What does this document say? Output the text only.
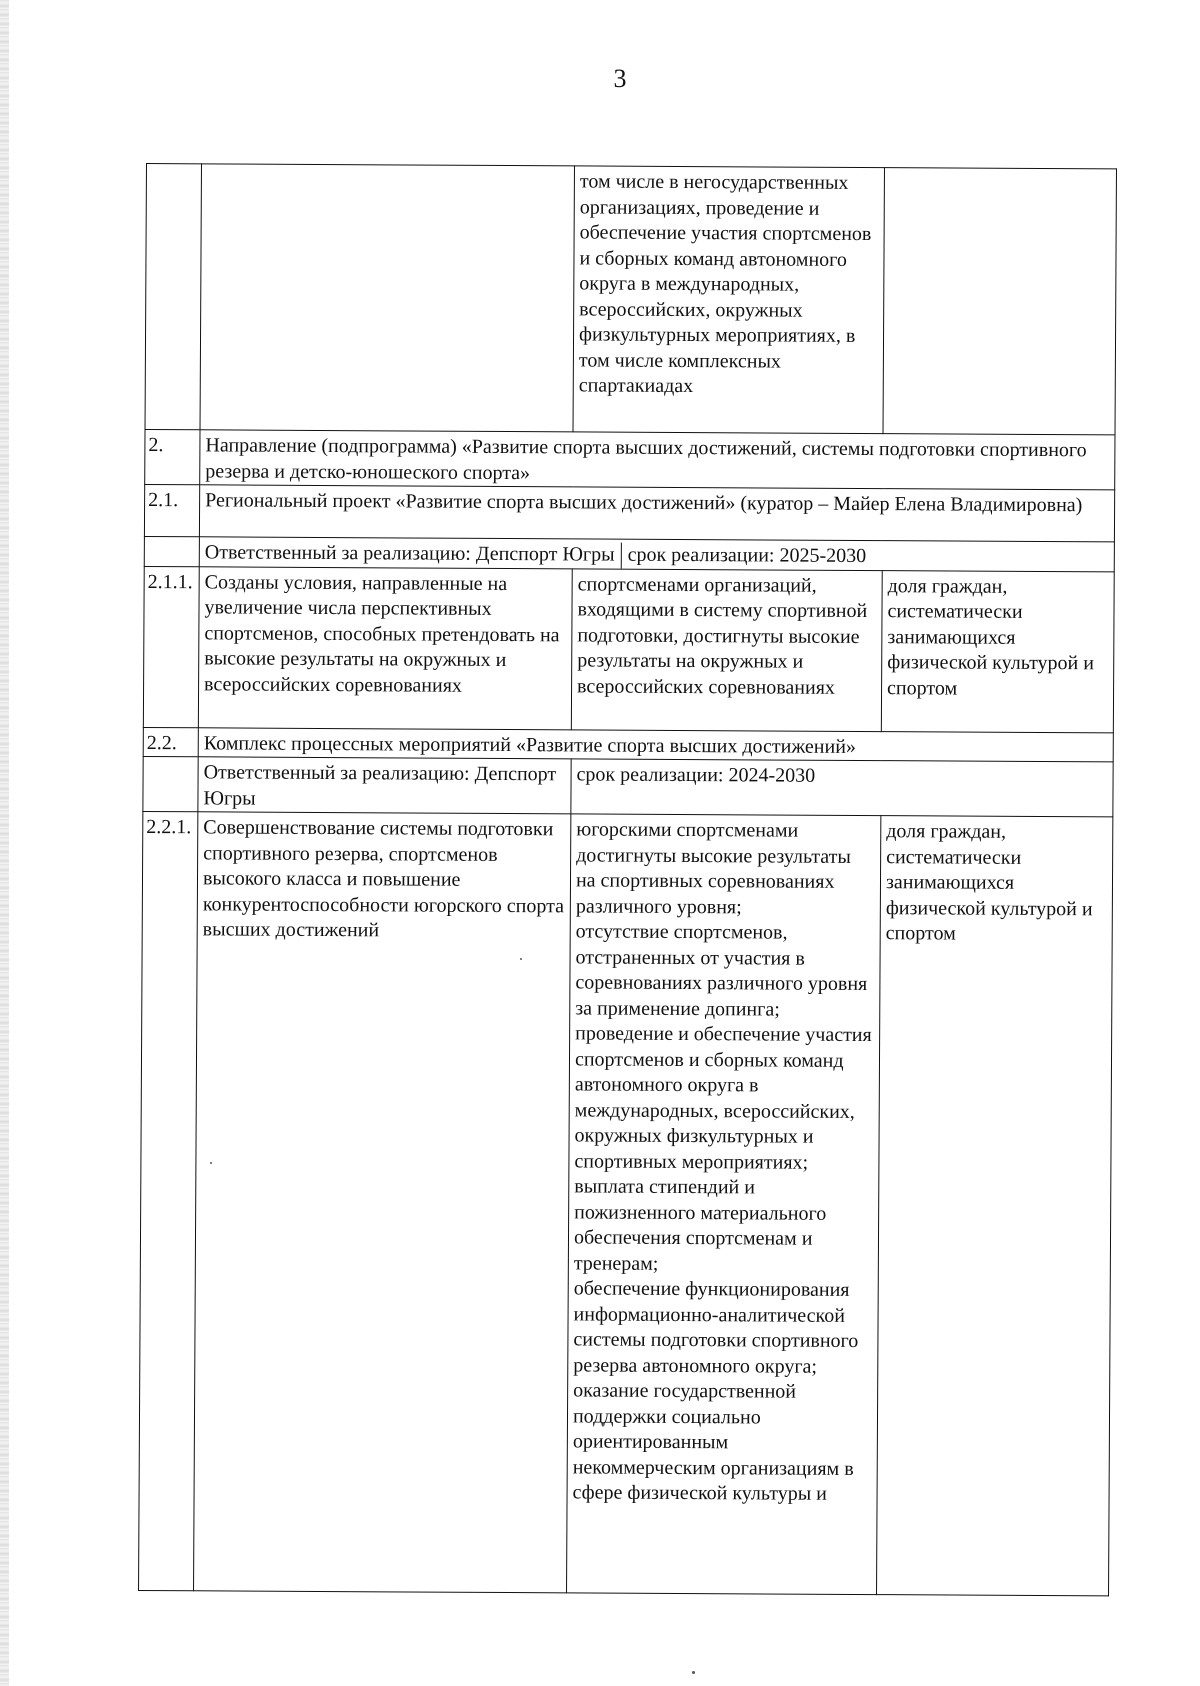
3
		том числе в негосударственных организациях, проведение и обеспечение участия спортсменов и сборных команд автономного округа в международных, всероссийских, окружных физкультурных мероприятиях, в том числе комплексных спартакиадах	
2.	Направление (подпрограмма) «Развитие спорта высших достижений, системы подготовки спортивного резерва и детско-юношеского спорта»		
2.1.	Региональный проект «Развитие спорта высших достижений» (куратор – Майер Елена Владимировна)		

	Ответственный за реализацию: Депспорт Югры срок реализации: 2025-2030		

2.1.1.	Созданы условия, направленные на увеличение числа перспективных спортсменов, способных претендовать на высокие результаты на окружных и всероссийских соревнованиях	спортсменами организаций, входящими в систему спортивной подготовки, достигнуты высокие результаты на окружных и всероссийских соревнованиях	доля граждан, систематически занимающихся физической культурой и спортом
2.2.	Комплекс процессных мероприятий «Развитие спорта высших достижений»		
	Ответственный за реализацию: Депспорт Югры	срок реализации: 2024-2030	
2.2.1.	Совершенствование системы подготовки спортивного резерва, спортсменов высокого класса и повышение конкурентоспособности югорского спорта высших достижений	югорскими спортсменами достигнуты высокие результаты на спортивных соревнованиях различного уровня;
отсутствие спортсменов, отстраненных от участия в соревнованиях различного уровня за применение допинга;
проведение и обеспечение участия спортсменов и сборных команд автономного округа в международных, всероссийских, окружных физкультурных и спортивных мероприятиях; выплата стипендий и пожизненного материального обеспечения спортсменам и тренерам;
обеспечение функционирования информационно-аналитической системы подготовки спортивного резерва автономного округа;
оказание государственной поддержки социально ориентированным некоммерческим организациям в сфере физической культуры и	доля граждан, систематически занимающихся физической культурой и спортом
